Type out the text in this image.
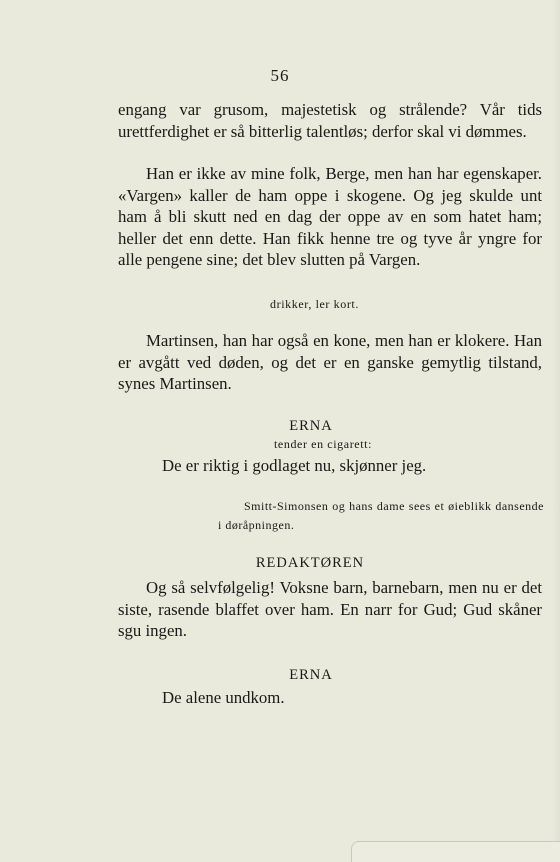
56
engang var grusom, majestetisk og strålende? Vår tids urettferdighet er så bitterlig talentløs; derfor skal vi dømmes.

Han er ikke av mine folk, Berge, men han har egenskaper. «Vargen» kaller de ham oppe i skogene. Og jeg skulde unt ham å bli skutt ned en dag der oppe av en som hatet ham; heller det enn dette. Han fikk henne tre og tyve år yngre for alle pengene sine; det blev slutten på Vargen.

drikker, ler kort.

Martinsen, han har også en kone, men han er klokere. Han er avgått ved døden, og det er en ganske gemytlig tilstand, synes Martinsen.

ERNA
tender en cigarett:
De er riktig i godlaget nu, skjønner jeg.
Smitt-Simonsen og hans dame sees et øieblikk dansende i døråpningen.
REDAKTØREN

Og så selvfølgelig! Voksne barn, barnebarn, men nu er det siste, rasende blaffet over ham. En narr for Gud; Gud skåner sgu ingen.

ERNA
De alene undkom.
